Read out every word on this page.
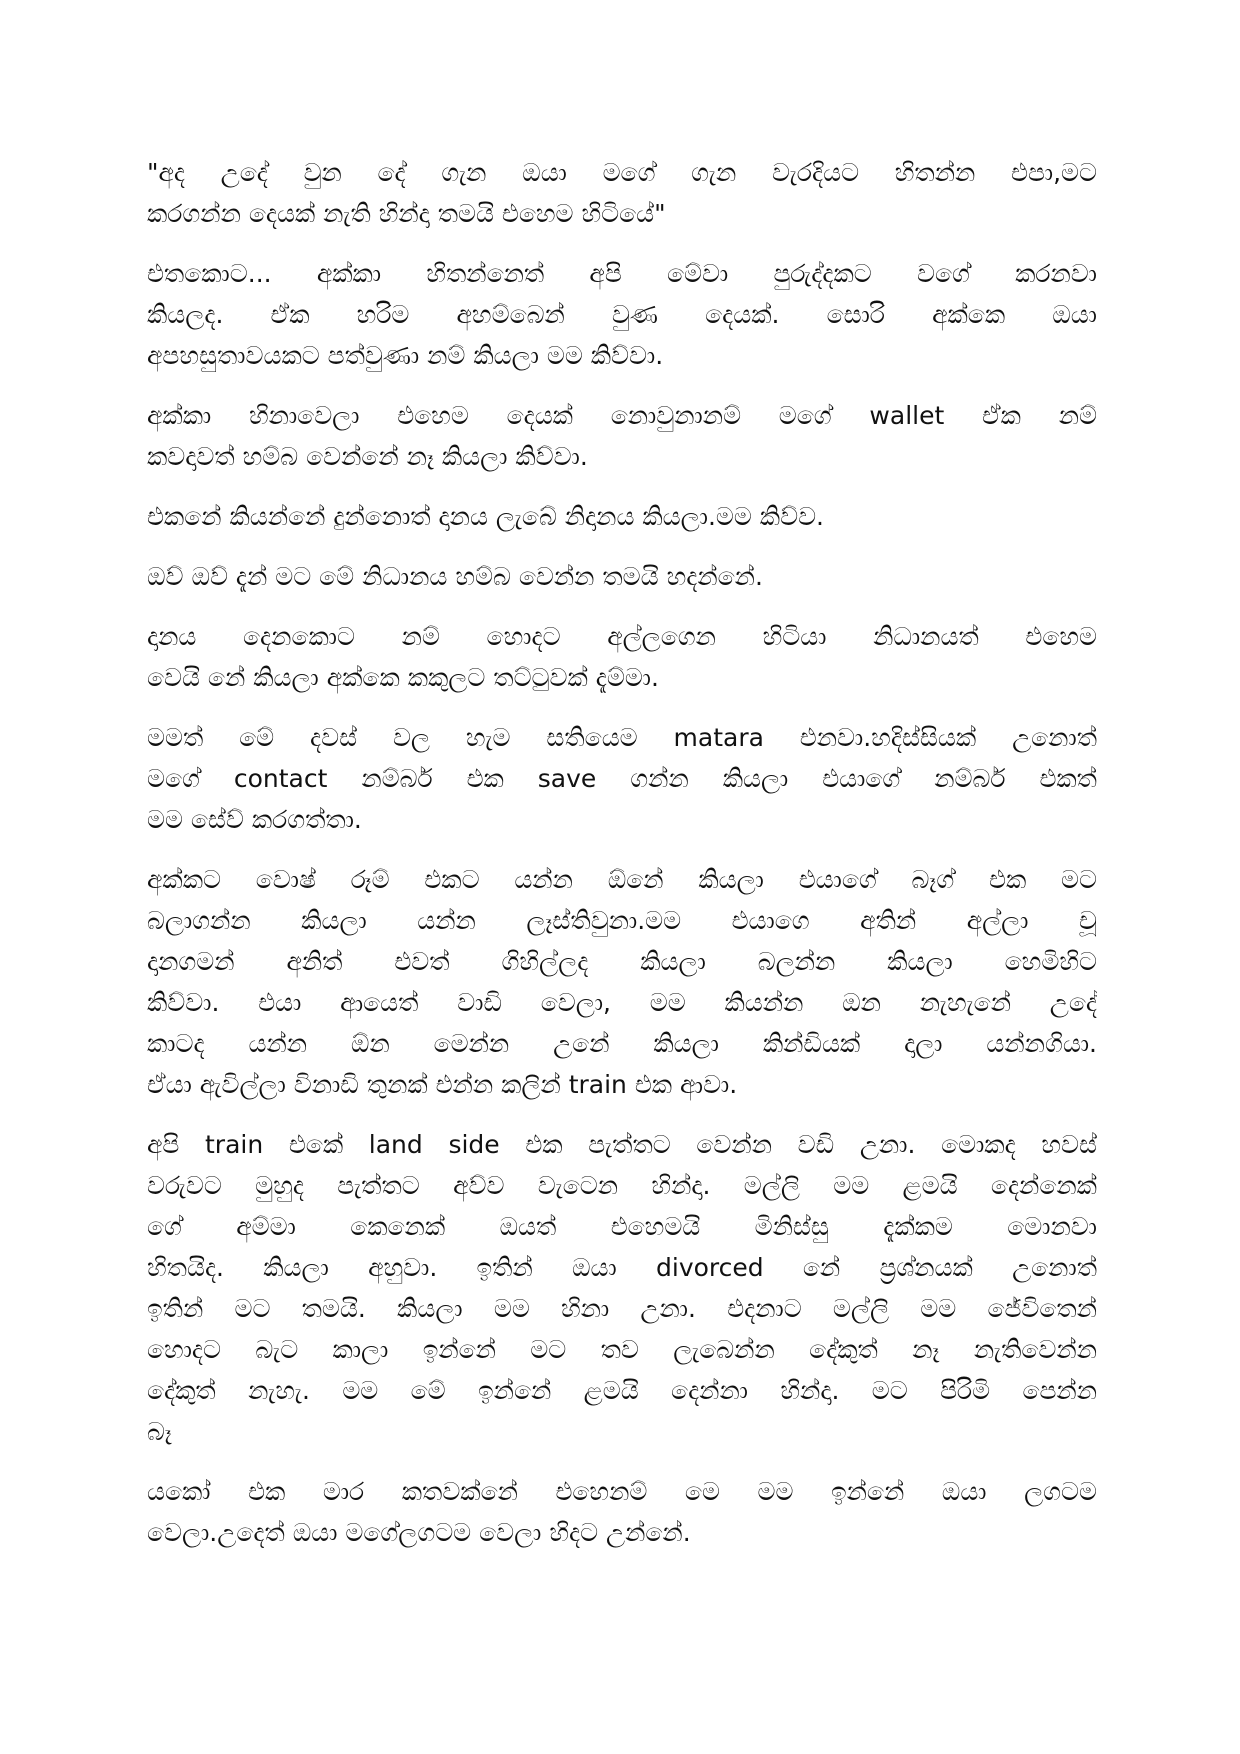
"අද උදේ වුන දේ ගැන ඔයා මගේ ගැන වැරදියට හිතන්න එපා,මට
කරගන්න දෙයක් නැති හින්දා තමයි එහෙම හිටියේ"
එතකොට... අක්කා හිතන්නෙත් අපි මේවා පුරුද්දකට වගේ කරනවා
කියලද. ඒක හරිම අහම්බෙන් වුණ දෙයක්. සොරි අක්කෙ ඔයා
අපහසුතාවයකට පත්වුණා නම් කියලා මම කිව්වා.
අක්කා හිනාවෙලා එහෙම දෙයක් නොවුනානම් මගේ wallet ඒක නම්
කවදාවත් හම්බ වෙන්නේ නෑ කියලා කිව්වා.
එකනේ කියන්නේ දුන්නොත් දානය ලැබේ නිදානය කියලා.මම කිව්ව.
ඔව් ඔව් දැන් මට මේ නිධානය හම්බ වෙන්න තමයි හදන්නේ.
දානය දෙනකොට නම් හොදට අල්ලගෙන හිටියා නිධානයත් එහෙම
වෙයි නේ කියලා අක්කෙ කකුලට තට්ටුවක් දැම්මා.
මමත් මේ දවස් වල හැම සතියෙම matara එනවා.හදිස්සියක් උනොත්
මගේ contact නම්බර් එක save ගන්න කියලා එයාගේ නම්බර් එකත්
මම සේව් කරගත්තා.
අක්කට වොෂ් රූම් එකට යන්න ඕනේ කියලා එයාගේ බෑග් එක මට
බලාගන්න කියලා යන්න ලෑස්තිවුනා.මම එයාගෙ අතින් අල්ලා චූ
දානගමන් අනිත් එවත් ගිහිල්ලද කියලා බලන්න කියලා හෙමිහිට
කිව්වා. එයා ආයෙත් වාඩි වෙලා, මම කියන්න ඔන නැහැනේ උදේ
කාටද යන්න ඕන මෙන්න උනේ කියලා කින්ඩියක් දාලා යන්නගියා.
ඒයා ඇවිල්ලා විනාඩි තුනක් එන්න කලින් train එක ආවා.
අපි train එකේ land side එක පැත්තට වෙන්න වඩි උනා. මොකද හවස්
වරුවට මුහුද පැත්තට අව්ව වැටෙන හින්දා. මල්ලි මම ළමයි දෙන්නෙක්
ගේ අම්මා කෙනෙක් ඔයත් එහෙමයි මිනිස්සු දැක්කම මොනවා
හිතයිද. කියලා අහුවා. ඉතින් ඔයා divorced නේ ප්‍රශ්නයක් උනොත්
ඉතින් මට තමයි. කියලා මම හිනා උනා. එදනාට මල්ලි මම ජේවිතෙන්
හොදට බැට කාලා ඉන්නේ මට තව ලැබෙන්න දේකුත් නෑ නැතිවෙන්න
දේකුත් නැහැ. මම මේ ඉන්නේ ළමයි දෙන්නා හින්දා. මට පිරිමි පෙන්න
බෑ
යකෝ එක මාර කතවක්නේ එහෙනම් මෙ මම ඉන්නේ ඔයා ලගටම
වෙලා.උදෙත් ඔයා මගේලගටම වෙලා හිදට උන්නේ.
